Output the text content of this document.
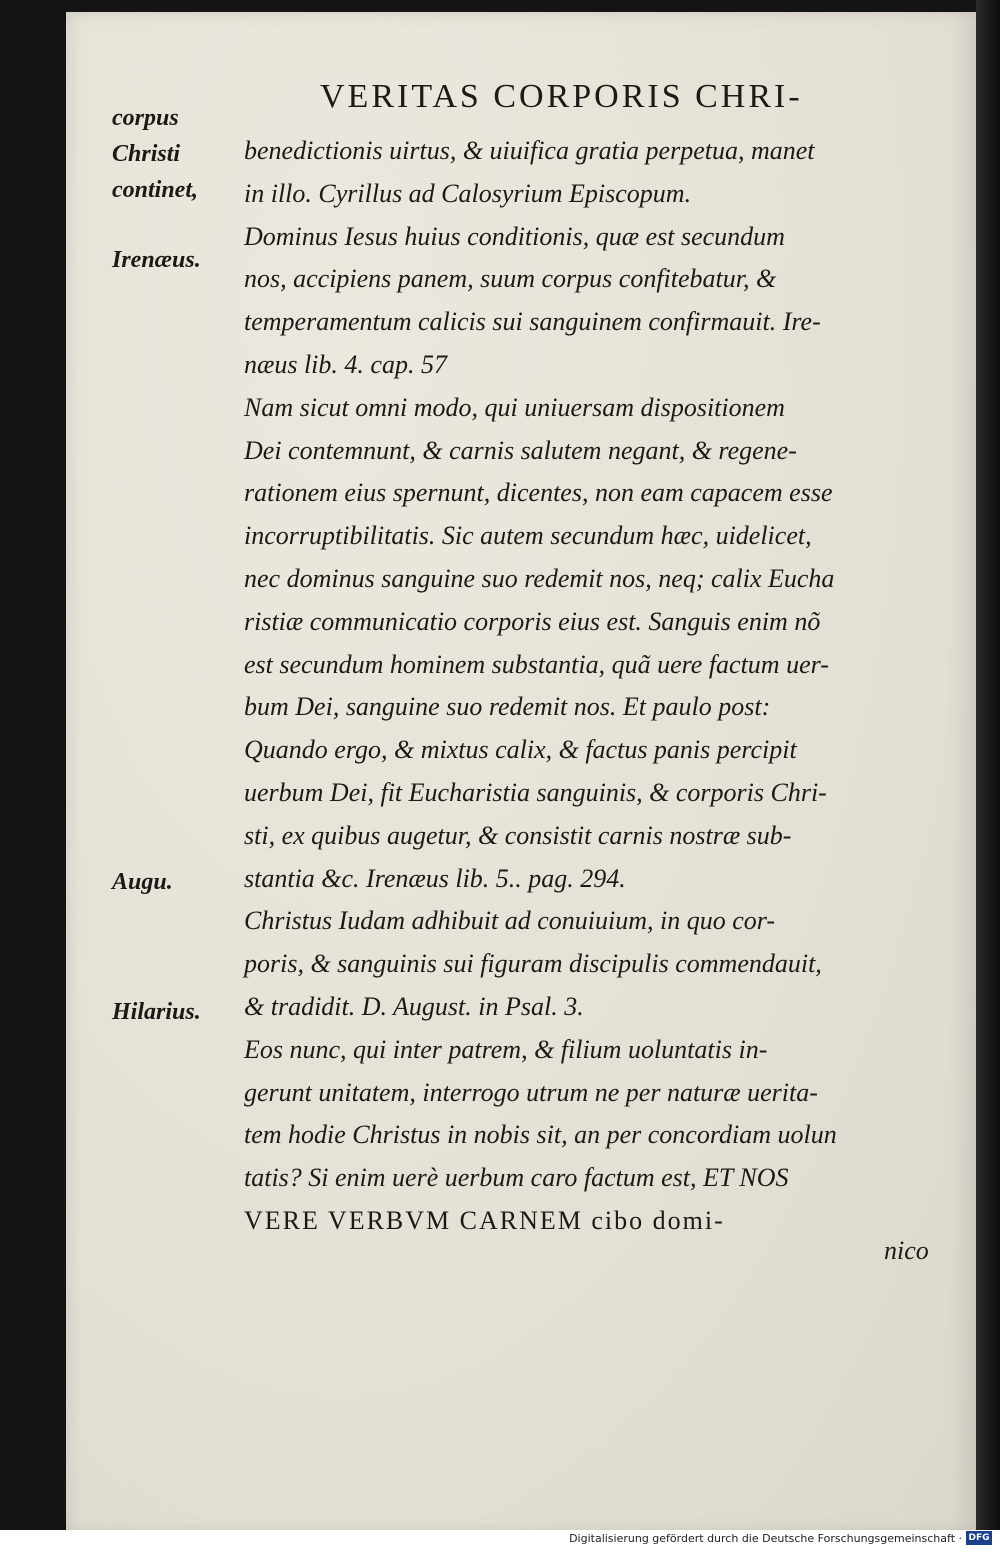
VERITAS CORPORIS CHRI-
corpus
Christi
continet,
Irenæus.
Augu.
Hilarius.
benedictionis uirtus, & uiuifica gratia perpetua, manet
in illo. Cyrillus ad Calosyrium Episcopum.
Dominus Iesus huius conditionis, quæ est secundum
nos, accipiens panem, suum corpus confitebatur, &
temperamentum calicis sui sanguinem confirmauit. Ire-
næus lib. 4. cap. 57
Nam sicut omni modo, qui uniuersam dispositionem
Dei contemnunt, & carnis salutem negant, & regene-
rationem eius spernunt, dicentes, non eam capacem esse
incorruptibilitatis. Sic autem secundum hæc, uidelicet,
nec dominus sanguine suo redemit nos, neq; calix Eucha
ristiæ communicatio corporis eius est. Sanguis enim nõ
est secundum hominem substantia, quã uere factum uer-
bum Dei, sanguine suo redemit nos. Et paulo post:
Quando ergo, & mixtus calix, & factus panis percipit
uerbum Dei, fit Eucharistia sanguinis, & corporis Chri-
sti, ex quibus augetur, & consistit carnis nostræ sub-
stantia &c. Irenæus lib. 5.. pag. 294.
Christus Iudam adhibuit ad conuiuium, in quo cor-
poris, & sanguinis sui figuram discipulis commendauit,
& tradidit. D. August. in Psal. 3.
Eos nunc, qui inter patrem, & filium uoluntatis in-
gerunt unitatem, interrogo utrum ne per naturæ uerita-
tem hodie Christus in nobis sit, an per concordiam uolun
tatis? Si enim uerè uerbum caro factum est, ET NOS
VERE VERBVM CARNEM cibo domi-
nico
Digitalisierung gefördert durch die Deutsche Forschungsgemeinschaft · DFG
